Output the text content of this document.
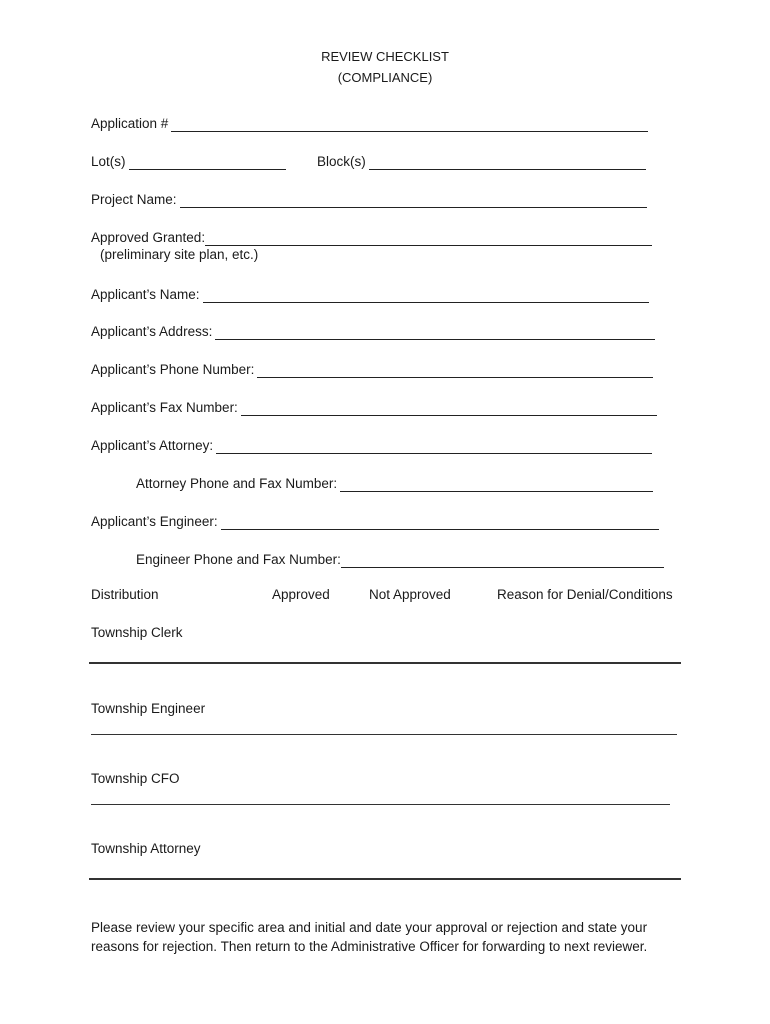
REVIEW CHECKLIST
(COMPLIANCE)
Application #
Lot(s)	Block(s)
Project Name:
Approved Granted:
(preliminary site plan, etc.)
Applicant’s Name:
Applicant’s Address:
Applicant’s Phone Number:
Applicant’s Fax Number:
Applicant’s Attorney:
Attorney Phone and Fax Number:
Applicant’s Engineer:
Engineer Phone and Fax Number:
Distribution	Approved	Not Approved	Reason for Denial/Conditions
Township Clerk
Township Engineer
Township CFO
Township Attorney
Please review your specific area and initial and date your approval or rejection and state your reasons for rejection. Then return to the Administrative Officer for forwarding to next reviewer.
